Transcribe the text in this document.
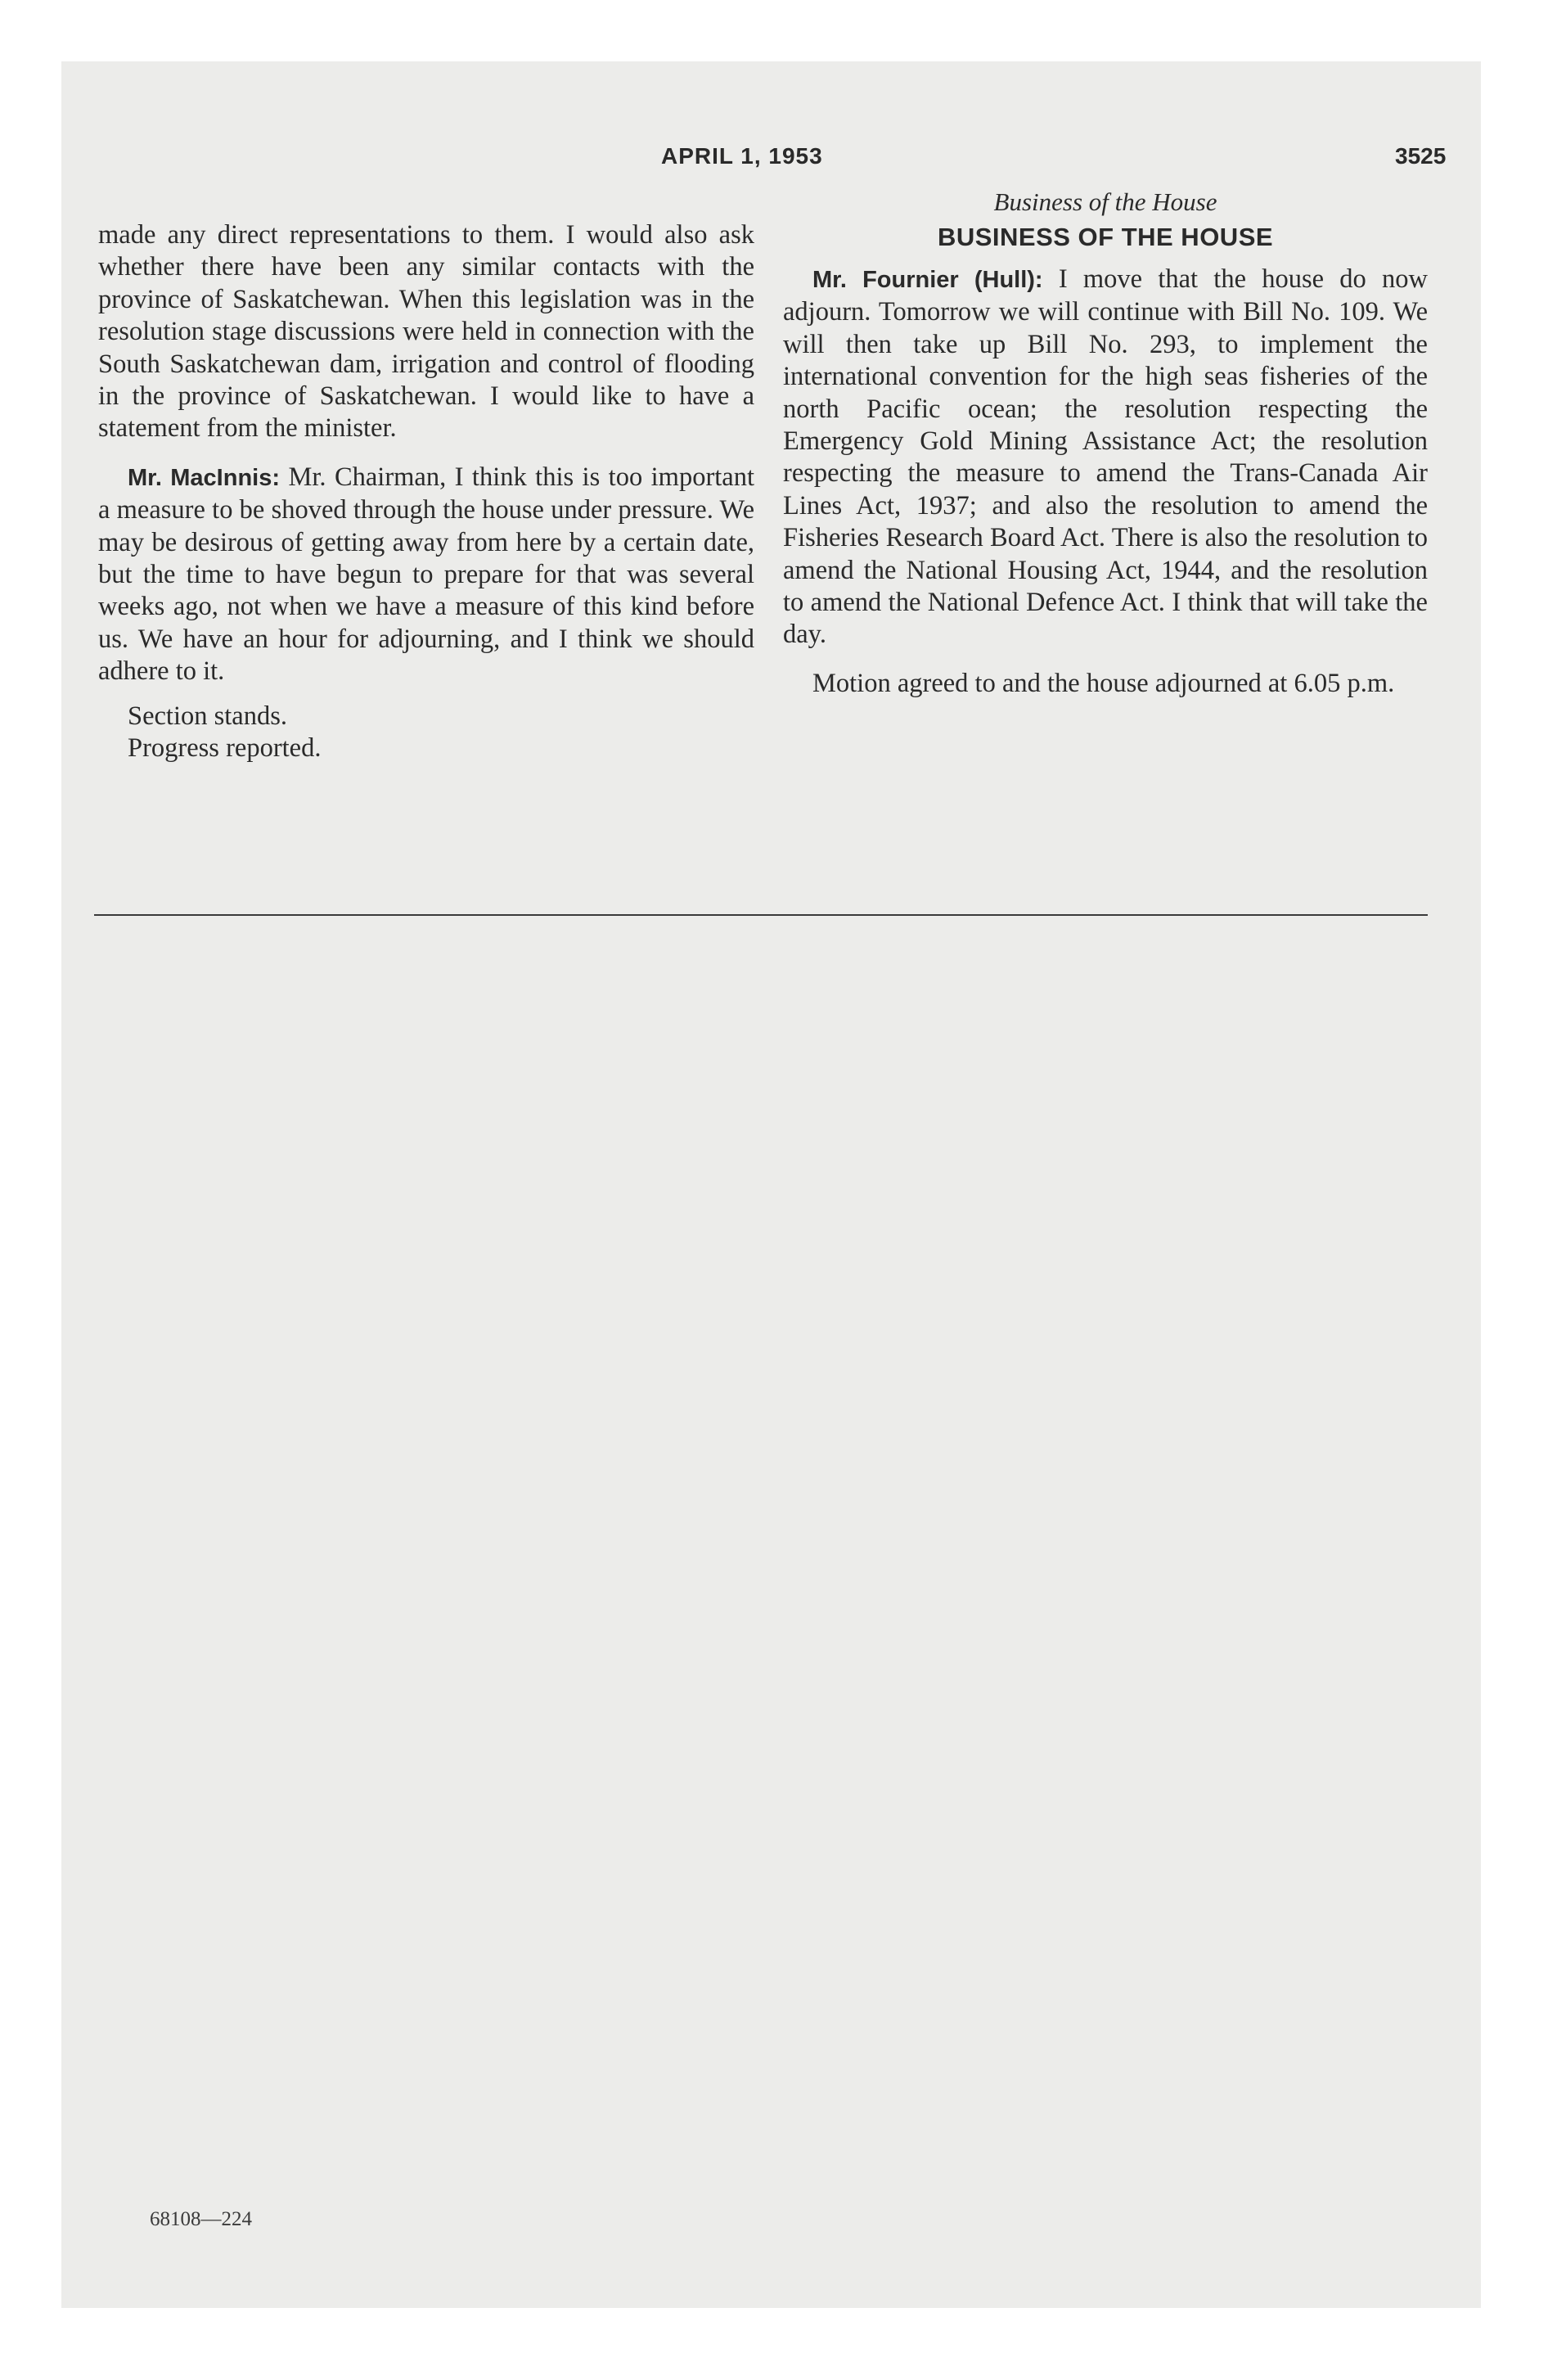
APRIL 1, 1953	3525

made any direct representations to them. I would also ask whether there have been any similar contacts with the province of Saskatchewan. When this legislation was in the resolution stage discussions were held in connection with the South Saskatchewan dam, irrigation and control of flooding in the province of Saskatchewan. I would like to have a statement from the minister.

Mr. MacInnis: Mr. Chairman, I think this is too important a measure to be shoved through the house under pressure. We may be desirous of getting away from here by a certain date, but the time to have begun to prepare for that was several weeks ago, not when we have a measure of this kind before us. We have an hour for adjourning, and I think we should adhere to it.

Section stands.

Progress reported.

Business of the House

BUSINESS OF THE HOUSE

Mr. Fournier (Hull): I move that the house do now adjourn. Tomorrow we will continue with Bill No. 109. We will then take up Bill No. 293, to implement the international convention for the high seas fisheries of the north Pacific ocean; the resolution respecting the Emergency Gold Mining Assistance Act; the resolution respecting the measure to amend the Trans-Canada Air Lines Act, 1937; and also the resolution to amend the Fisheries Research Board Act. There is also the resolution to amend the National Housing Act, 1944, and the resolution to amend the National Defence Act. I think that will take the day.

Motion agreed to and the house adjourned at 6.05 p.m.

68108—224
